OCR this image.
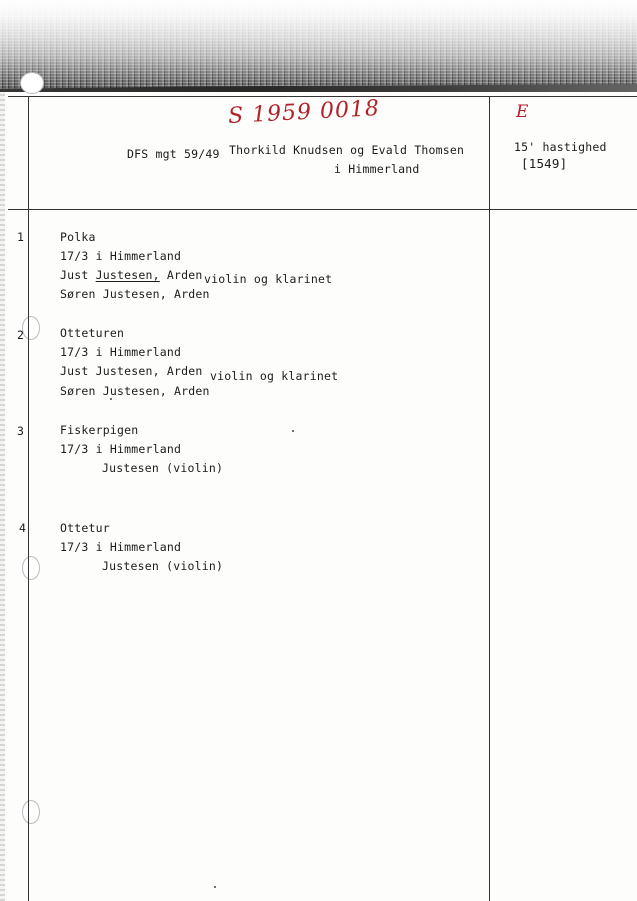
S 1959 0018	E
DFS mgt 59/49 Thorkild Knudsen og Evald Thomsen
i Himmerland
15' hastighed
[1549]
1	Polka
17/3 i Himmerland
Just Justesen, Arden
Søren Justesen, Arden
violin og klarinet
2	Otteturen
17/3 i Himmerland
Just Justesen, Arden
Søren Justesen, Arden
violin og klarinet
3	Fiskerpigen
17/3 i Himmerland
Justesen (violin)
4	Ottetur
17/3 i Himmerland
Justesen (violin)
